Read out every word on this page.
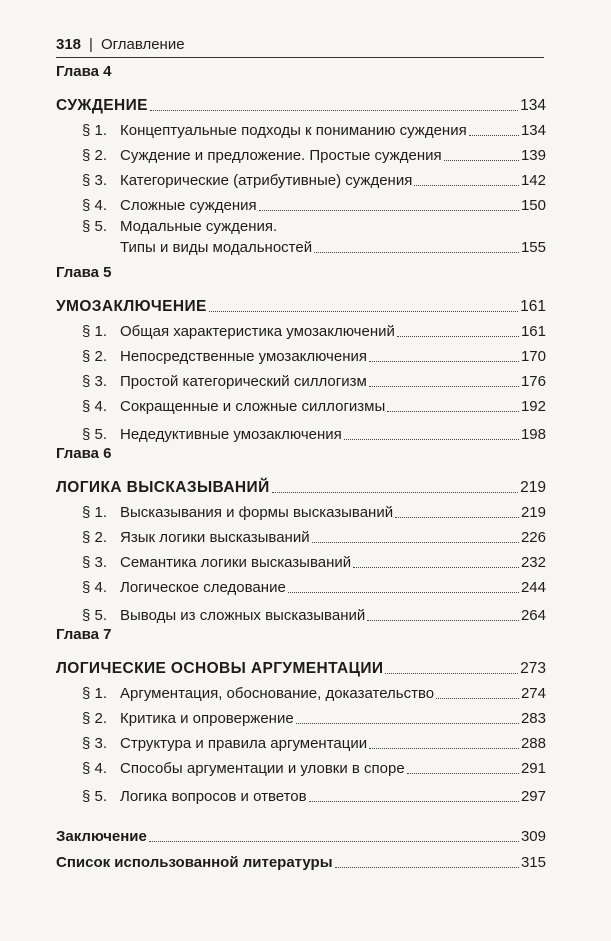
318 | Оглавление
Глава 4
СУЖДЕНИЕ	134
§ 1. Концептуальные подходы к пониманию суждения	134
§ 2. Суждение и предложение. Простые суждения	139
§ 3. Категорические (атрибутивные) суждения	142
§ 4. Сложные суждения	150
§ 5. Модальные суждения.
Типы и виды модальностей	155
Глава 5
УМОЗАКЛЮЧЕНИЕ	161
§ 1. Общая характеристика умозаключений	161
§ 2. Непосредственные умозаключения	170
§ 3. Простой категорический силлогизм	176
§ 4. Сокращенные и сложные силлогизмы	192
§ 5. Недедуктивные умозаключения	198
Глава 6
ЛОГИКА ВЫСКАЗЫВАНИЙ	219
§ 1. Высказывания и формы высказываний	219
§ 2. Язык логики высказываний	226
§ 3. Семантика логики высказываний	232
§ 4. Логическое следование	244
§ 5. Выводы из сложных высказываний	264
Глава 7
ЛОГИЧЕСКИЕ ОСНОВЫ АРГУМЕНТАЦИИ	273
§ 1. Аргументация, обоснование, доказательство	274
§ 2. Критика и опровержение	283
§ 3. Структура и правила аргументации	288
§ 4. Способы аргументации и уловки в споре	291
§ 5. Логика вопросов и ответов	297
Заключение	309
Список использованной литературы	315
